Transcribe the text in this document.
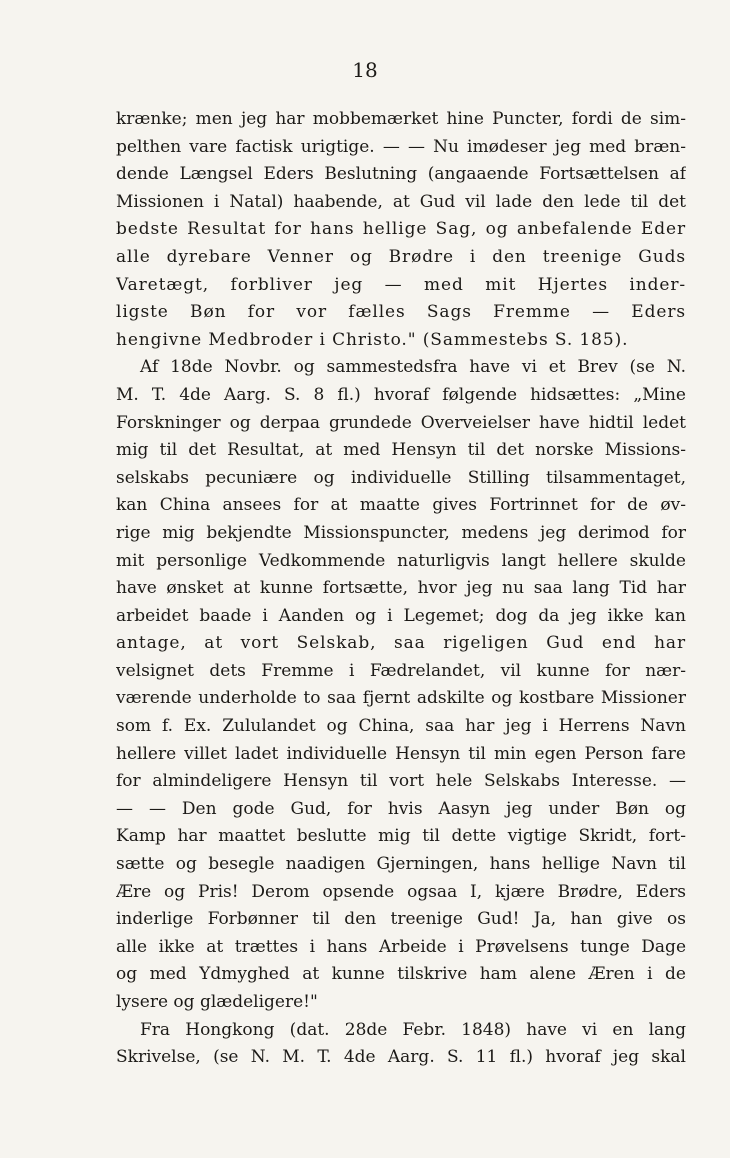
18
krænke; men jeg har mobbemærket hine Puncter, fordi de sim-
pelthen vare factisk urigtige. — — Nu imødeser jeg med bræn-
dende Længsel Eders Beslutning (angaaende Fortsættelsen af
Missionen i Natal) haabende, at Gud vil lade den lede til det
bedste Resultat for hans hellige Sag, og anbefalende Eder
alle dyrebare Venner og Brødre i den treenige Guds
Varetægt, forbliver jeg — med mit Hjertes inder-
ligste Bøn for vor fælles Sags Fremme — Eders
hengivne Medbroder i Christo." (Sammestebs S. 185).
Af 18de Novbr. og sammestedsfra have vi et Brev (se N.
M. T. 4de Aarg. S. 8 fl.) hvoraf følgende hidsættes: „Mine
Forskninger og derpaa grundede Overveielser have hidtil ledet
mig til det Resultat, at med Hensyn til det norske Missions-
selskabs pecuniære og individuelle Stilling tilsammentaget,
kan China ansees for at maatte gives Fortrinnet for de øv-
rige mig bekjendte Missionspuncter, medens jeg derimod for
mit personlige Vedkommende naturligvis langt hellere skulde
have ønsket at kunne fortsætte, hvor jeg nu saa lang Tid har
arbeidet baade i Aanden og i Legemet; dog da jeg ikke kan
antage, at vort Selskab, saa rigeligen Gud end har
velsignet dets Fremme i Fædrelandet, vil kunne for nær-
værende underholde to saa fjernt adskilte og kostbare Missioner
som f. Ex. Zululandet og China, saa har jeg i Herrens Navn
hellere villet ladet individuelle Hensyn til min egen Person fare
for almindeligere Hensyn til vort hele Selskabs Interesse. —
— — Den gode Gud, for hvis Aasyn jeg under Bøn og
Kamp har maattet beslutte mig til dette vigtige Skridt, fort-
sætte og besegle naadigen Gjerningen, hans hellige Navn til
Ære og Pris! Derom opsende ogsaa I, kjære Brødre, Eders
inderlige Forbønner til den treenige Gud! Ja, han give os
alle ikke at trættes i hans Arbeide i Prøvelsens tunge Dage
og med Ydmyghed at kunne tilskrive ham alene Æren i de
lysere og glædeligere!"
Fra Hongkong (dat. 28de Febr. 1848) have vi en lang
Skrivelse, (se N. M. T. 4de Aarg. S. 11 fl.) hvoraf jeg skal
